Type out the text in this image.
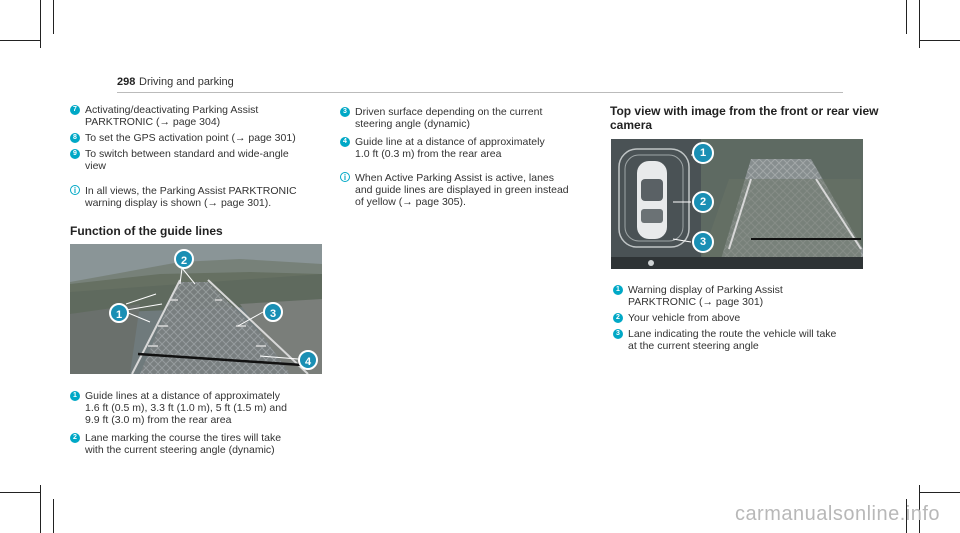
298 Driving and parking
7 Activating/deactivating Parking Assist
PARKTRONIC (→ page 304)
8 To set the GPS activation point (→ page 301)
9 To switch between standard and wide-angle
view
i In all views, the Parking Assist PARKTRONIC
warning display is shown (→ page 301).
Function of the guide lines
1
2
3
4
1 Guide lines at a distance of approximately
1.6 ft (0.5 m), 3.3 ft (1.0 m), 5 ft (1.5 m) and
9.9 ft (3.0 m) from the rear area
2 Lane marking the course the tires will take
with the current steering angle (dynamic)
3 Driven surface depending on the current
steering angle (dynamic)
4 Guide line at a distance of approximately
1.0 ft (0.3 m) from the rear area
i When Active Parking Assist is active, lanes
and guide lines are displayed in green instead
of yellow (→ page 305).
Top view with image from the front or rear view
camera
1
2
3
1 Warning display of Parking Assist
PARKTRONIC (→ page 301)
2 Your vehicle from above
3 Lane indicating the route the vehicle will take
at the current steering angle
carmanualsonline.info
